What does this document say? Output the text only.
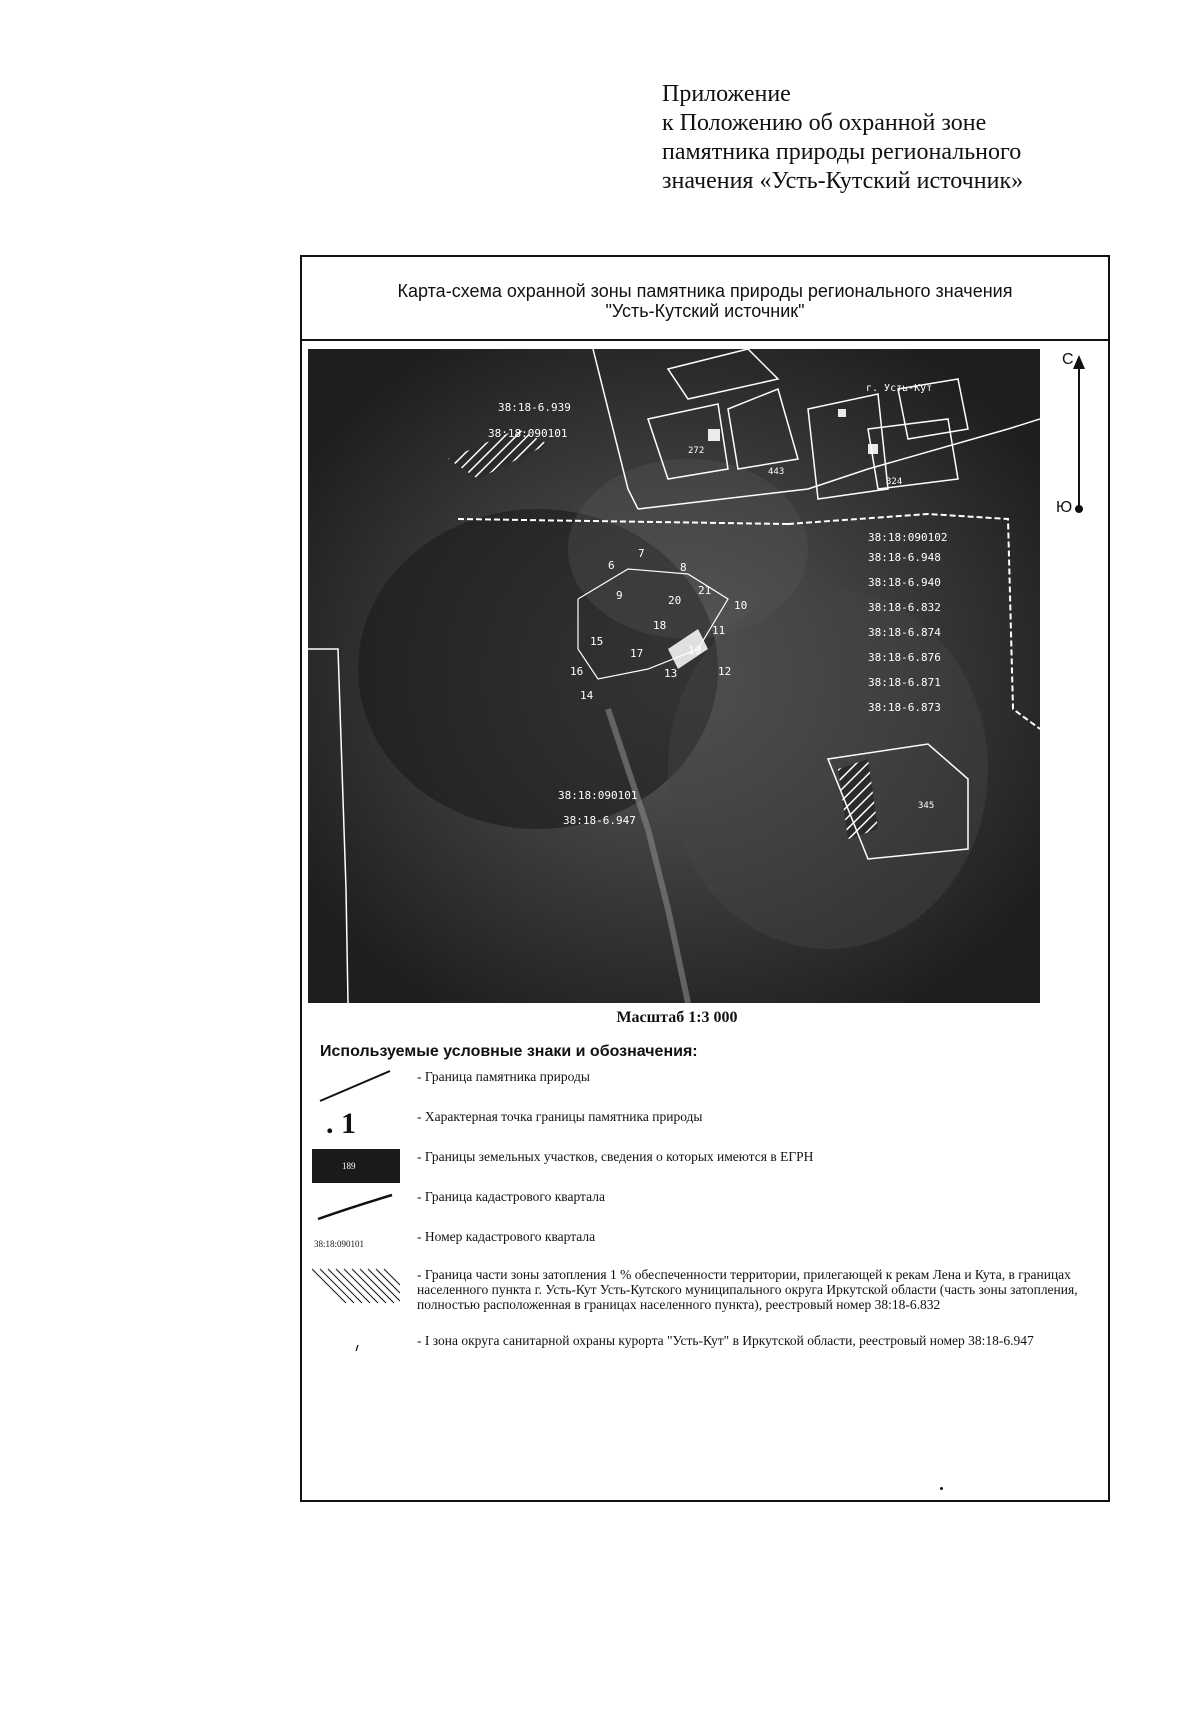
Приложение
к Положению об охранной зоне
памятника природы регионального
значения «Усть-Кутский источник»
Карта-схема охранной зоны памятника природы регионального значения
"Усть-Кутский источник"
38:18-6.939
38:18:090101
272
443
324
г. Усть-Кут
38:18:090102
38:18-6.948
38:18-6.940
38:18-6.832
38:18-6.874
38:18-6.876
38:18-6.871
38:18-6.873
38:18:090101
38:18-6.947
345
6
7
8
9
10
11
12
13
14
15
16
17
18
19
20
21
С
Ю
Масштаб 1:3 000
Используемые условные знаки и обозначения:
- Граница памятника природы
. 1	- Характерная точка границы памятника природы
189
- Границы земельных участков, сведения о которых имеются в ЕГРН
- Граница кадастрового квартала
38:18:090101	- Номер кадастрового квартала
- Граница части зоны затопления 1 % обеспеченности территории, прилегающей к рекам Лена и Кута, в границах населенного пункта г. Усть-Кут Усть-Кутского муниципального округа Иркутской области (часть зоны затопления, полностью расположенная в границах населенного пункта), реестровый номер 38:18-6.832
- I зона округа санитарной охраны курорта "Усть-Кут" в Иркутской области, реестровый номер 38:18-6.947
